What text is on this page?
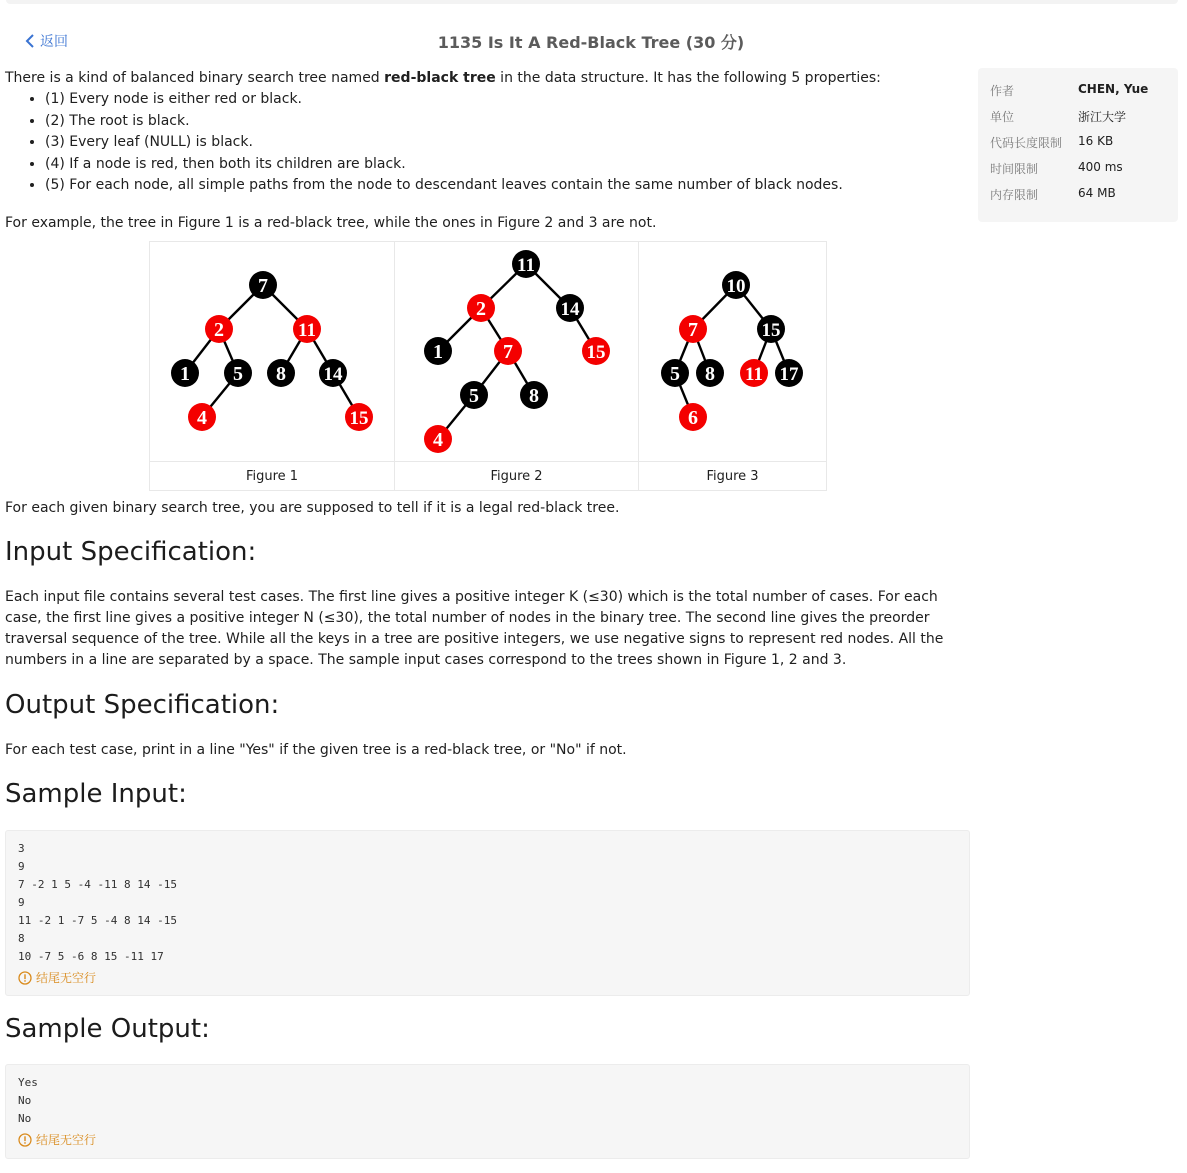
返回	1135 Is It A Red-Black Tree (30 分)
作者	CHEN, Yue
单位	浙江大学
代码长度限制	16 KB
时间限制	400 ms
内存限制	64 MB

There is a kind of balanced binary search tree named red-black tree in the data structure. It has the following 5 properties:

• (1) Every node is either red or black.
• (2) The root is black.
• (3) Every leaf (NULL) is black.
• (4) If a node is red, then both its children are black.
• (5) For each node, all simple paths from the node to descendant leaves contain the same number of black nodes.
For example, the tree in Figure 1 is a red-black tree, while the ones in Figure 2 and 3 are not.
7
2	11
1 5 8 14
4	15
Figure 1
11
2	14
1	7	15
5	8
4
Figure 2
10
7	15
5 8 11 17
6
Figure 3
For each given binary search tree, you are supposed to tell if it is a legal red-black tree.
Input Specification:
Each input file contains several test cases. The first line gives a positive integer K (≤30) which is the total number of cases. For each case, the first line gives a positive integer N (≤30), the total number of nodes in the binary tree. The second line gives the preorder traversal sequence of the tree. While all the keys in a tree are positive integers, we use negative signs to represent red nodes. All the numbers in a line are separated by a space. The sample input cases correspond to the trees shown in Figure 1, 2 and 3.
Output Specification:
For each test case, print in a line "Yes" if the given tree is a red-black tree, or "No" if not.
Sample Input:
3
9
7 -2 1 5 -4 -11 8 14 -15
9
11 -2 1 -7 5 -4 8 14 -15
8
10 -7 5 -6 8 15 -11 17
结尾无空行
Sample Output:
Yes
No
No
结尾无空行
